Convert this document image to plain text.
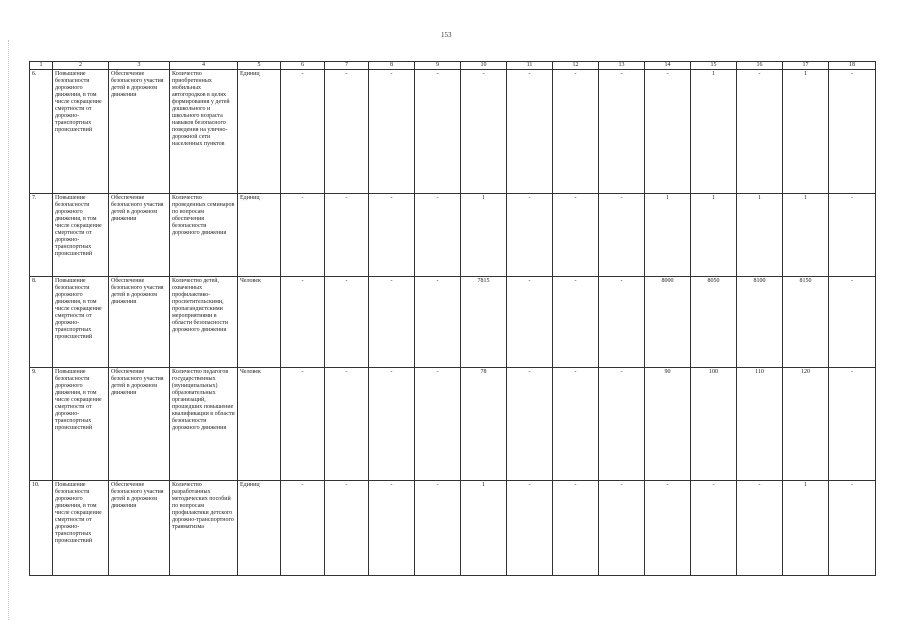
153
1	2	3	4	5	6	7	8	9	10	11	12	13	14	15	16	17	18
6.	Повышение безопасности дорожного движения, в том числе сокращение смертности от дорожно-транспортных происшествий	Обеспечение безопасного участия детей в дорожном движении	Количество приобретенных мобильных автогородков в целях формирования у детей дошкольного и школьного возраста навыков безопасного поведения на улично-дорожной сети населенных пунктов	Единиц	-	-	-	-	-	-	-	-	-	1	-	1	-
7.	Повышение безопасности дорожного движения, в том числе сокращение смертности от дорожно-транспортных происшествий	Обеспечение безопасного участия детей в дорожном движении	Количество проведенных семинаров по вопросам обеспечения безопасности дорожного движения	Единиц	-	-	-	-	1	-	-	-	1	1	1	1	-
8.	Повышение безопасности дорожного движения, в том числе сокращение смертности от дорожно-транспортных происшествий	Обеспечение безопасного участия детей в дорожном движении	Количество детей, охваченных профилактико-просветительскими, пропагандистскими мероприятиями в области безопасности дорожного движения	Человек	-	-	-	-	7815	-	-	-	8000	8050	8100	8150	-
9.	Повышение безопасности дорожного движения, в том числе сокращение смертности от дорожно-транспортных происшествий	Обеспечение безопасного участия детей в дорожном движении	Количество педагогов государственных (муниципальных) образовательных организаций, прошедших повышение квалификации в области безопасности дорожного движения	Человек	-	-	-	-	78	-	-	-	90	100	110	120	-
10.	Повышение безопасности дорожного движения, в том числе сокращение смертности от дорожно-транспортных происшествий	Обеспечение безопасного участия детей в дорожном движении	Количество разработанных методических пособий по вопросам профилактики детского дорожно-транспортного травматизма	Единиц	-	-	-	-	1	-	-	-	-	-	-	1	-
